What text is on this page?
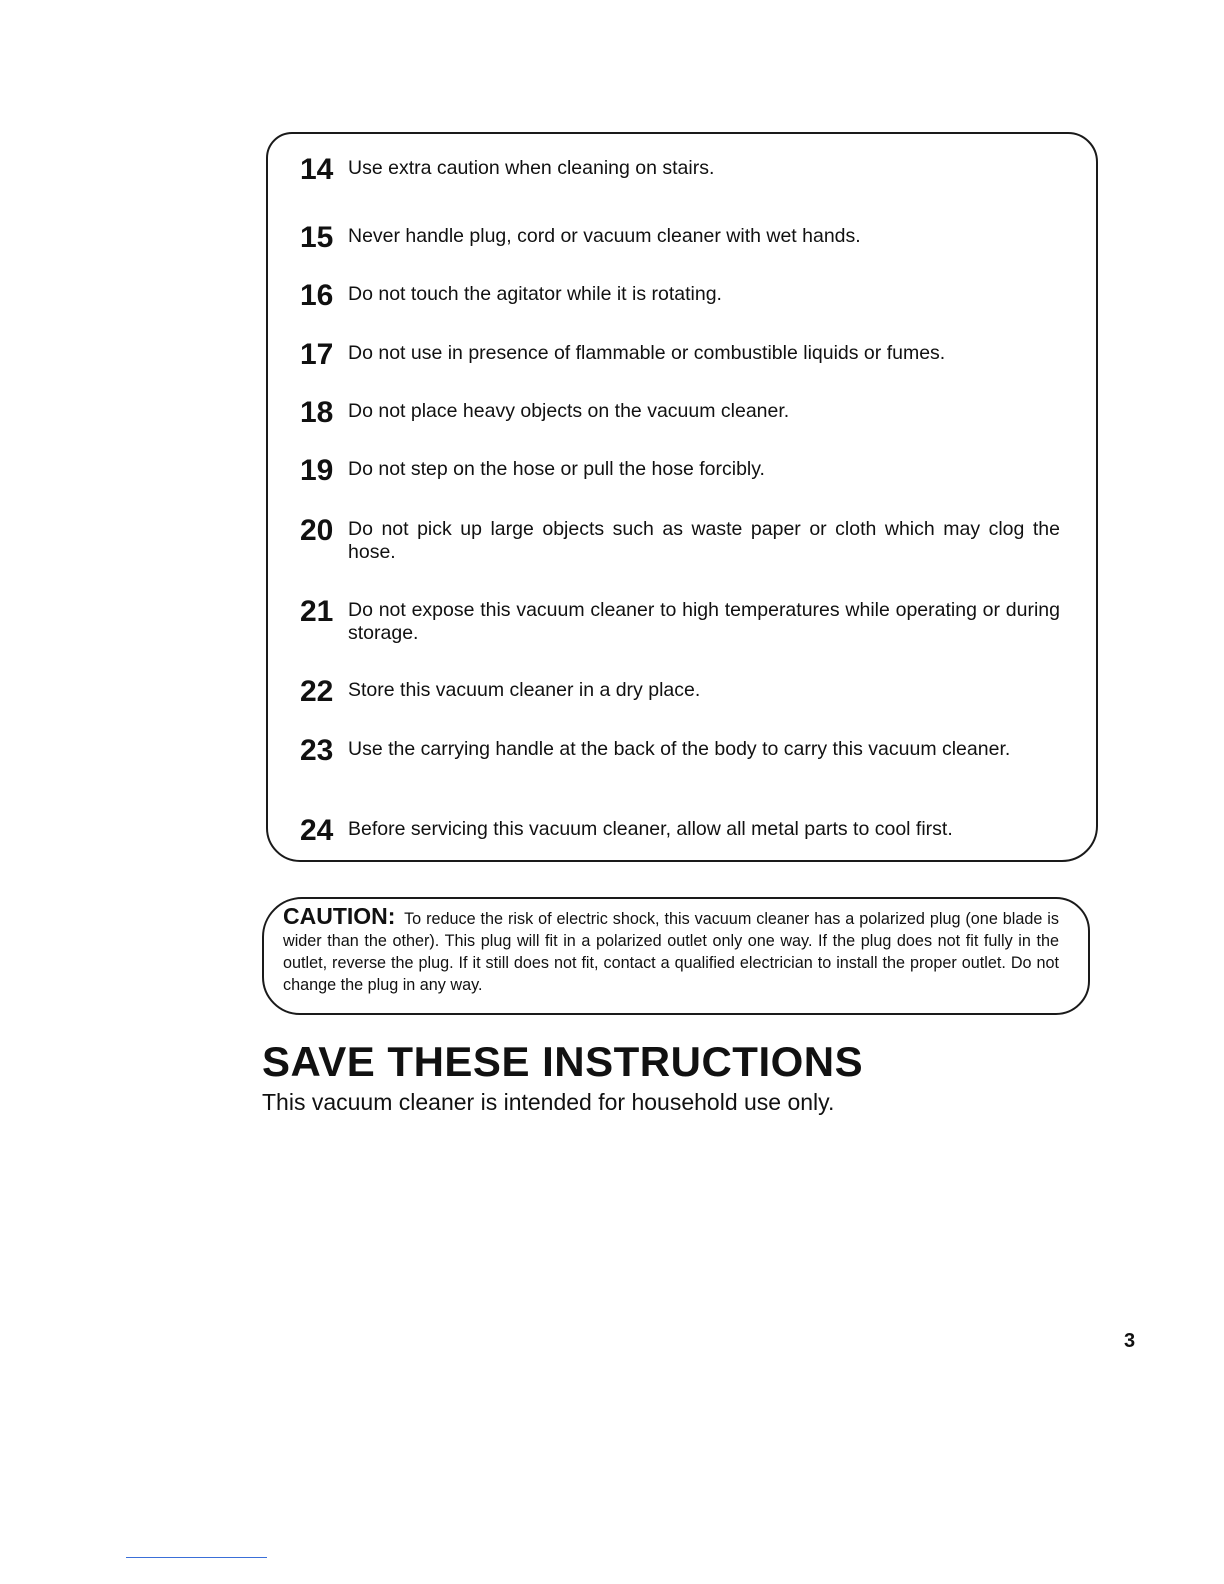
14 Use extra caution when cleaning on stairs.
15 Never handle plug, cord or vacuum cleaner with wet hands.
16 Do not touch the agitator while it is rotating.
17 Do not use in presence of flammable or combustible liquids or fumes.
18 Do not place heavy objects on the vacuum cleaner.
19 Do not step on the hose or pull the hose forcibly.
20 Do not pick up large objects such as waste paper or cloth which may clog the hose.
21 Do not expose this vacuum cleaner to high temperatures while operating or during storage.
22 Store this vacuum cleaner in a dry place.
23 Use the carrying handle at the back of the body to carry this vacuum cleaner.
24 Before servicing this vacuum cleaner, allow all metal parts to cool first.
CAUTION: To reduce the risk of electric shock, this vacuum cleaner has a polarized plug (one blade is wider than the other). This plug will fit in a polarized outlet only one way. If the plug does not fit fully in the outlet, reverse the plug. If it still does not fit, contact a qualified electrician to install the proper outlet. Do not change the plug in any way.
SAVE THESE INSTRUCTIONS
This vacuum cleaner is intended for household use only.
3
